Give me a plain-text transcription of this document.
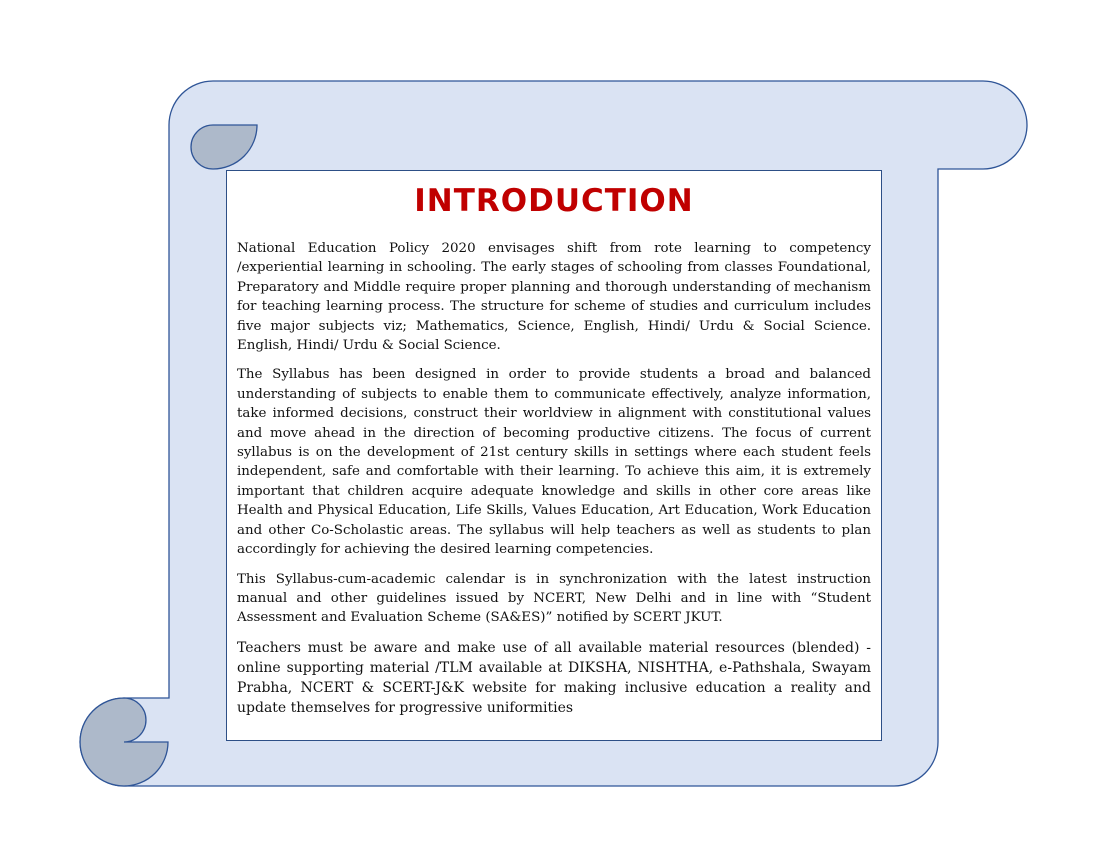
INTRODUCTION

National Education Policy 2020 envisages shift from rote learning to competency /experiential learning in schooling. The early stages of schooling from classes Foundational, Preparatory and Middle require proper planning and thorough understanding of mechanism for teaching learning process. The structure for scheme of studies and curriculum includes five major subjects viz; Mathematics, Science, English, Hindi/ Urdu & Social Science. English, Hindi/ Urdu & Social Science.

The Syllabus has been designed in order to provide students a broad and balanced understanding of subjects to enable them to communicate effectively, analyze information, take informed decisions, construct their worldview in alignment with constitutional values and move ahead in the direction of becoming productive citizens. The focus of current syllabus is on the development of 21st century skills in settings where each student feels independent, safe and comfortable with their learning. To achieve this aim, it is extremely important that children acquire adequate knowledge and skills in other core areas like Health and Physical Education, Life Skills, Values Education, Art Education, Work Education and other Co-Scholastic areas. The syllabus will help teachers as well as students to plan accordingly for achieving the desired learning competencies.

This Syllabus-cum-academic calendar is in synchronization with the latest instruction manual and other guidelines issued by NCERT, New Delhi and in line with “Student Assessment and Evaluation Scheme (SA&ES)” notified by SCERT JKUT.

Teachers must be aware and make use of all available material resources (blended) - online supporting material /TLM available at DIKSHA, NISHTHA, e-Pathshala, Swayam Prabha, NCERT & SCERT-J&K website for making inclusive education a reality and update themselves for progressive uniformities
